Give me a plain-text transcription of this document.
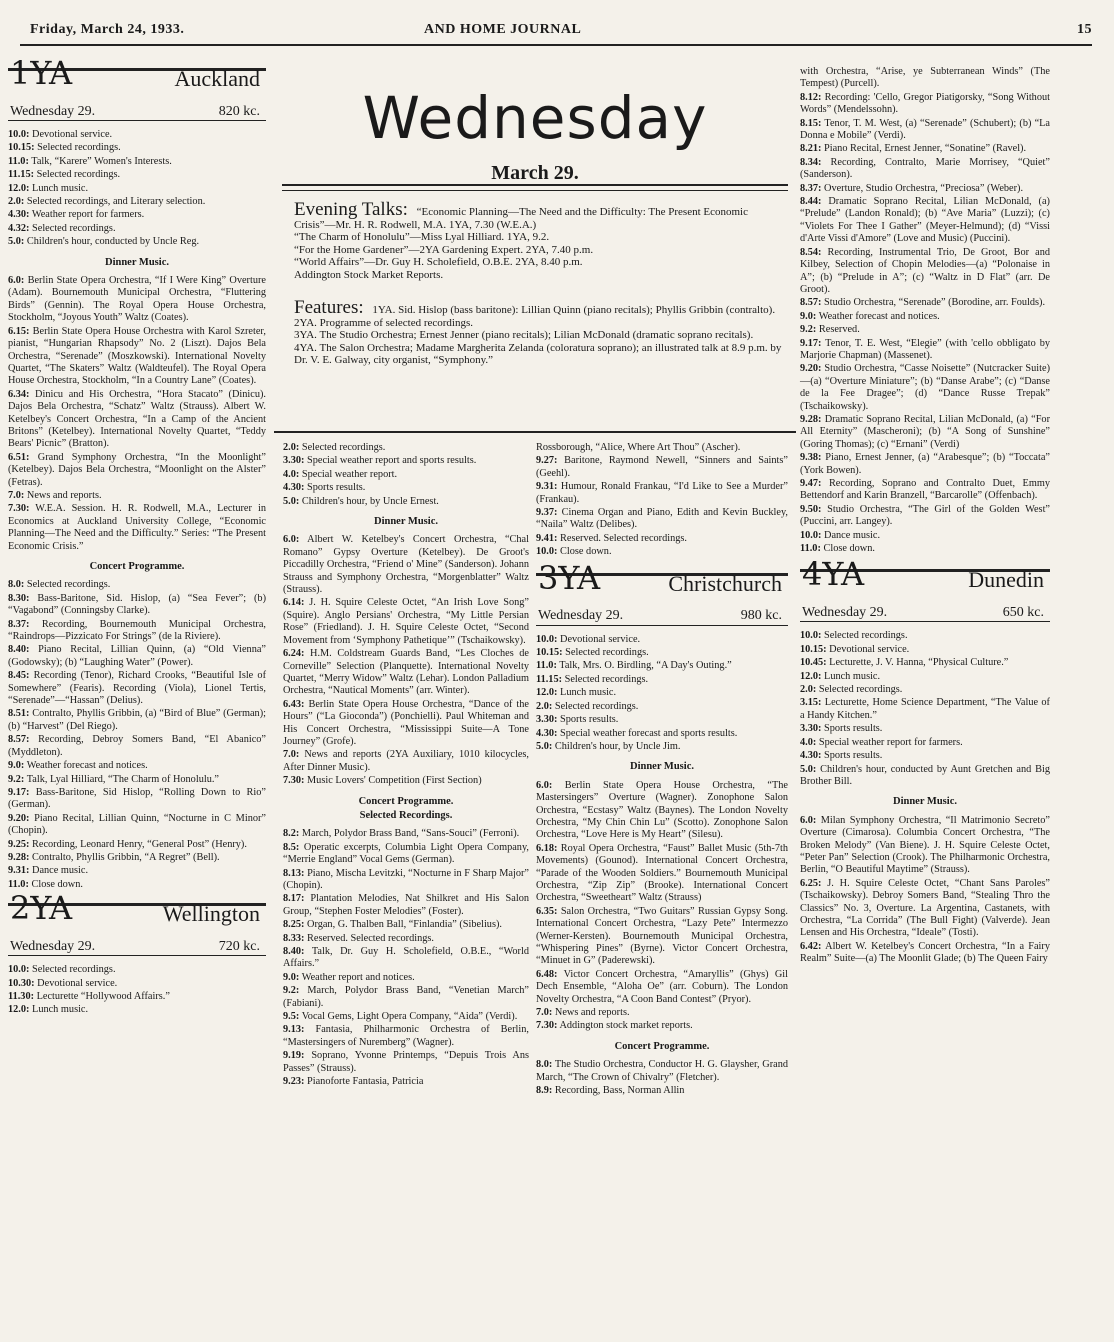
Friday, March 24, 1933.	AND HOME JOURNAL	15
1YA	Auckland
Wednesday 29.	820 kc.

10.0: Devotional service.

10.15: Selected recordings.

11.0: Talk, “Karere” Women's Interests.

11.15: Selected recordings.

12.0: Lunch music.

2.0: Selected recordings, and Literary selection.

4.30: Weather report for farmers.

4.32: Selected recordings.

5.0: Children's hour, conducted by Uncle Reg.

Dinner Music.

6.0: Berlin State Opera Orchestra, “If I Were King” Overture (Adam). Bournemouth Municipal Orchestra, “Fluttering Birds” (Gennin). The Royal Opera House Orchestra, Stockholm, “Joyous Youth” Waltz (Coates).

6.15: Berlin State Opera House Orchestra with Karol Szreter, pianist, “Hungarian Rhapsody” No. 2 (Liszt). Dajos Bela Orchestra, “Serenade” (Moszkowski). International Novelty Quartet, “The Skaters” Waltz (Waldteufel). The Royal Opera House Orchestra, Stockholm, “In a Country Lane” (Coates).

6.34: Dinicu and His Orchestra, “Hora Stacato” (Dinicu). Dajos Bela Orchestra, “Schatz” Waltz (Strauss). Albert W. Ketelbey's Concert Orchestra, “In a Camp of the Ancient Britons” (Ketelbey). International Novelty Quartet, “Teddy Bears' Picnic” (Bratton).

6.51: Grand Symphony Orchestra, “In the Moonlight” (Ketelbey). Dajos Bela Orchestra, “Moonlight on the Alster” (Fetras).

7.0: News and reports.

7.30: W.E.A. Session. H. R. Rodwell, M.A., Lecturer in Economics at Auckland University College, “Economic Planning—The Need and the Difficulty.” Series: “The Present Economic Crisis.”

Concert Programme.

8.0: Selected recordings.

8.30: Bass-Baritone, Sid. Hislop, (a) “Sea Fever”; (b) “Vagabond” (Conningsby Clarke).

8.37: Recording, Bournemouth Municipal Orchestra, “Raindrops—Pizzicato For Strings” (de la Riviere).

8.40: Piano Recital, Lillian Quinn, (a) “Old Vienna” (Godowsky); (b) “Laughing Water” (Power).

8.45: Recording (Tenor), Richard Crooks, “Beautiful Isle of Somewhere” (Fearis). Recording (Viola), Lionel Tertis, “Serenade”—“Hassan” (Delius).

8.51: Contralto, Phyllis Gribbin, (a) “Bird of Blue” (German); (b) “Harvest” (Del Riego).

8.57: Recording, Debroy Somers Band, “El Abanico” (Myddleton).

9.0: Weather forecast and notices.

9.2: Talk, Lyal Hilliard, “The Charm of Honolulu.”

9.17: Bass-Baritone, Sid Hislop, “Rolling Down to Rio” (German).

9.20: Piano Recital, Lillian Quinn, “Nocturne in C Minor” (Chopin).

9.25: Recording, Leonard Henry, “General Post” (Henry).

9.28: Contralto, Phyllis Gribbin, “A Regret” (Bell).

9.31: Dance music.

11.0: Close down.

2YA	Wellington
Wednesday 29.	720 kc.

10.0: Selected recordings.

10.30: Devotional service.

11.30: Lecturette “Hollywood Affairs.”

12.0: Lunch music.

Wednesday
March 29.
Evening Talks: “Economic Planning—The Need and the Difficulty: The Present Economic Crisis”—Mr. H. R. Rodwell, M.A. 1YA, 7.30 (W.E.A.)
“The Charm of Honolulu”—Miss Lyal Hilliard. 1YA, 9.2.
“For the Home Gardener”—2YA Gardening Expert. 2YA, 7.40 p.m.
“World Affairs”—Dr. Guy H. Scholefield, O.B.E. 2YA, 8.40 p.m.
Addington Stock Market Reports.
Features: 1YA. Sid. Hislop (bass baritone): Lillian Quinn (piano recitals); Phyllis Gribbin (contralto).
2YA. Programme of selected recordings.
3YA. The Studio Orchestra; Ernest Jenner (piano recitals); Lilian McDonald (dramatic soprano recitals).
4YA. The Salon Orchestra; Madame Margherita Zelanda (coloratura soprano); an illustrated talk at 8.9 p.m. by Dr. V. E. Galway, city organist, “Symphony.”

2.0: Selected recordings.

3.30: Special weather report and sports results.

4.0: Special weather report.

4.30: Sports results.

5.0: Children's hour, by Uncle Ernest.

Dinner Music.

6.0: Albert W. Ketelbey's Concert Orchestra, “Chal Romano” Gypsy Overture (Ketelbey). De Groot's Piccadilly Orchestra, “Friend o' Mine” (Sanderson). Johann Strauss and Symphony Orchestra, “Morgenblatter” Waltz (Strauss).

6.14: J. H. Squire Celeste Octet, “An Irish Love Song” (Squire). Anglo Persians' Orchestra, “My Little Persian Rose” (Friedland). J. H. Squire Celeste Octet, “Second Movement from ‘Symphony Pathetique’” (Tschaikowsky).

6.24: H.M. Coldstream Guards Band, “Les Cloches de Corneville” Selection (Planquette). International Novelty Quartet, “Merry Widow” Waltz (Lehar). London Palladium Orchestra, “Nautical Moments” (arr. Winter).

6.43: Berlin State Opera House Orchestra, “Dance of the Hours” (“La Gioconda”) (Ponchielli). Paul Whiteman and His Concert Orchestra, “Mississippi Suite—A Tone Journey” (Grofe).

7.0: News and reports (2YA Auxiliary, 1010 kilocycles, After Dinner Music).

7.30: Music Lovers' Competition (First Section)

Concert Programme.
Selected Recordings.

8.2: March, Polydor Brass Band, “Sans-Souci” (Ferroni).

8.5: Operatic excerpts, Columbia Light Opera Company, “Merrie England” Vocal Gems (German).

8.13: Piano, Mischa Levitzki, “Nocturne in F Sharp Major” (Chopin).

8.17: Plantation Melodies, Nat Shilkret and His Salon Group, “Stephen Foster Melodies” (Foster).

8.25: Organ, G. Thalben Ball, “Finlandia” (Sibelius).

8.33: Reserved. Selected recordings.

8.40: Talk, Dr. Guy H. Scholefield, O.B.E., “World Affairs.”

9.0: Weather report and notices.

9.2: March, Polydor Brass Band, “Venetian March” (Fabiani).

9.5: Vocal Gems, Light Opera Company, “Aida” (Verdi).

9.13: Fantasia, Philharmonic Orchestra of Berlin, “Mastersingers of Nuremberg” (Wagner).

9.19: Soprano, Yvonne Printemps, “Depuis Trois Ans Passes” (Strauss).

9.23: Pianoforte Fantasia, Patricia

Rossborough, “Alice, Where Art Thou” (Ascher).

9.27: Baritone, Raymond Newell, “Sinners and Saints” (Geehl).

9.31: Humour, Ronald Frankau, “I'd Like to See a Murder” (Frankau).

9.37: Cinema Organ and Piano, Edith and Kevin Buckley, “Naila” Waltz (Delibes).

9.41: Reserved. Selected recordings.

10.0: Close down.

3YA	Christchurch
Wednesday 29.	980 kc.

10.0: Devotional service.

10.15: Selected recordings.

11.0: Talk, Mrs. O. Birdling, “A Day's Outing.”

11.15: Selected recordings.

12.0: Lunch music.

2.0: Selected recordings.

3.30: Sports results.

4.30: Special weather forecast and sports results.

5.0: Children's hour, by Uncle Jim.

Dinner Music.

6.0: Berlin State Opera House Orchestra, “The Mastersingers” Overture (Wagner). Zonophone Salon Orchestra, “Ecstasy” Waltz (Baynes). The London Novelty Orchestra, “My Chin Chin Lu” (Scotto). Zonophone Salon Orchestra, “Love Here is My Heart” (Silesu).

6.18: Royal Opera Orchestra, “Faust” Ballet Music (5th-7th Movements) (Gounod). International Concert Orchestra, “Parade of the Wooden Soldiers.” Bournemouth Municipal Orchestra, “Zip Zip” (Brooke). International Concert Orchestra, “Sweetheart” Waltz (Strauss)

6.35: Salon Orchestra, “Two Guitars” Russian Gypsy Song. International Concert Orchestra, “Lazy Pete” Intermezzo (Werner-Kersten). Bournemouth Municipal Orchestra, “Whispering Pines” (Byrne). Victor Concert Orchestra, “Minuet in G” (Paderewski).

6.48: Victor Concert Orchestra, “Amaryllis” (Ghys) Gil Dech Ensemble, “Aloha Oe” (arr. Coburn). The London Novelty Orchestra, “A Coon Band Contest” (Pryor).

7.0: News and reports.

7.30: Addington stock market reports.

Concert Programme.

8.0: The Studio Orchestra, Conductor H. G. Glaysher, Grand March, “The Crown of Chivalry” (Fletcher).

8.9: Recording, Bass, Norman Allin

with Orchestra, “Arise, ye Subterranean Winds” (The Tempest) (Purcell).

8.12: Recording: 'Cello, Gregor Piatigorsky, “Song Without Words” (Mendelssohn).

8.15: Tenor, T. M. West, (a) “Serenade” (Schubert); (b) “La Donna e Mobile” (Verdi).

8.21: Piano Recital, Ernest Jenner, “Sonatine” (Ravel).

8.34: Recording, Contralto, Marie Morrisey, “Quiet” (Sanderson).

8.37: Overture, Studio Orchestra, “Preciosa” (Weber).

8.44: Dramatic Soprano Recital, Lilian McDonald, (a) “Prelude” (Landon Ronald); (b) “Ave Maria” (Luzzi); (c) “Violets For Thee I Gather” (Meyer-Helmund); (d) “Vissi d'Arte Vissi d'Amore” (Love and Music) (Puccini).

8.54: Recording, Instrumental Trio, De Groot, Bor and Kilbey, Selection of Chopin Melodies—(a) “Polonaise in A”; (b) “Prelude in A”; (c) “Waltz in D Flat” (arr. De Groot).

8.57: Studio Orchestra, “Serenade” (Borodine, arr. Foulds).

9.0: Weather forecast and notices.

9.2: Reserved.

9.17: Tenor, T. E. West, “Elegie” (with 'cello obbligato by Marjorie Chapman) (Massenet).

9.20: Studio Orchestra, “Casse Noisette” (Nutcracker Suite)—(a) “Overture Miniature”; (b) “Danse Arabe”; (c) “Danse de la Fee Dragee”; (d) “Dance Russe Trepak” (Tschaikowsky).

9.28: Dramatic Soprano Recital, Lilian McDonald, (a) “For All Eternity” (Mascheroni); (b) “A Song of Sunshine” (Goring Thomas); (c) “Ernani” (Verdi)

9.38: Piano, Ernest Jenner, (a) “Arabesque”; (b) “Toccata” (York Bowen).

9.47: Recording, Soprano and Contralto Duet, Emmy Bettendorf and Karin Branzell, “Barcarolle” (Offenbach).

9.50: Studio Orchestra, “The Girl of the Golden West” (Puccini, arr. Langey).

10.0: Dance music.

11.0: Close down.

4YA	Dunedin
Wednesday 29.	650 kc.

10.0: Selected recordings.

10.15: Devotional service.

10.45: Lecturette, J. V. Hanna, “Physical Culture.”

12.0: Lunch music.

2.0: Selected recordings.

3.15: Lecturette, Home Science Department, “The Value of a Handy Kitchen.”

3.30: Sports results.

4.0: Special weather report for farmers.

4.30: Sports results.

5.0: Children's hour, conducted by Aunt Gretchen and Big Brother Bill.

Dinner Music.

6.0: Milan Symphony Orchestra, “Il Matrimonio Secreto” Overture (Cimarosa). Columbia Concert Orchestra, “The Broken Melody” (Van Biene). J. H. Squire Celeste Octet, “Peter Pan” Selection (Crook). The Philharmonic Orchestra, Berlin, “O Beautiful Maytime” (Strauss).

6.25: J. H. Squire Celeste Octet, “Chant Sans Paroles” (Tschaikowsky). Debroy Somers Band, “Stealing Thro the Classics” No. 3, Overture. La Argentina, Castanets, with Orchestra, “La Corrida” (The Bull Fight) (Valverde). Jean Lensen and His Orchestra, “Ideale” (Tosti).

6.42: Albert W. Ketelbey's Concert Orchestra, “In a Fairy Realm” Suite—(a) The Moonlit Glade; (b) The Queen Fairy
